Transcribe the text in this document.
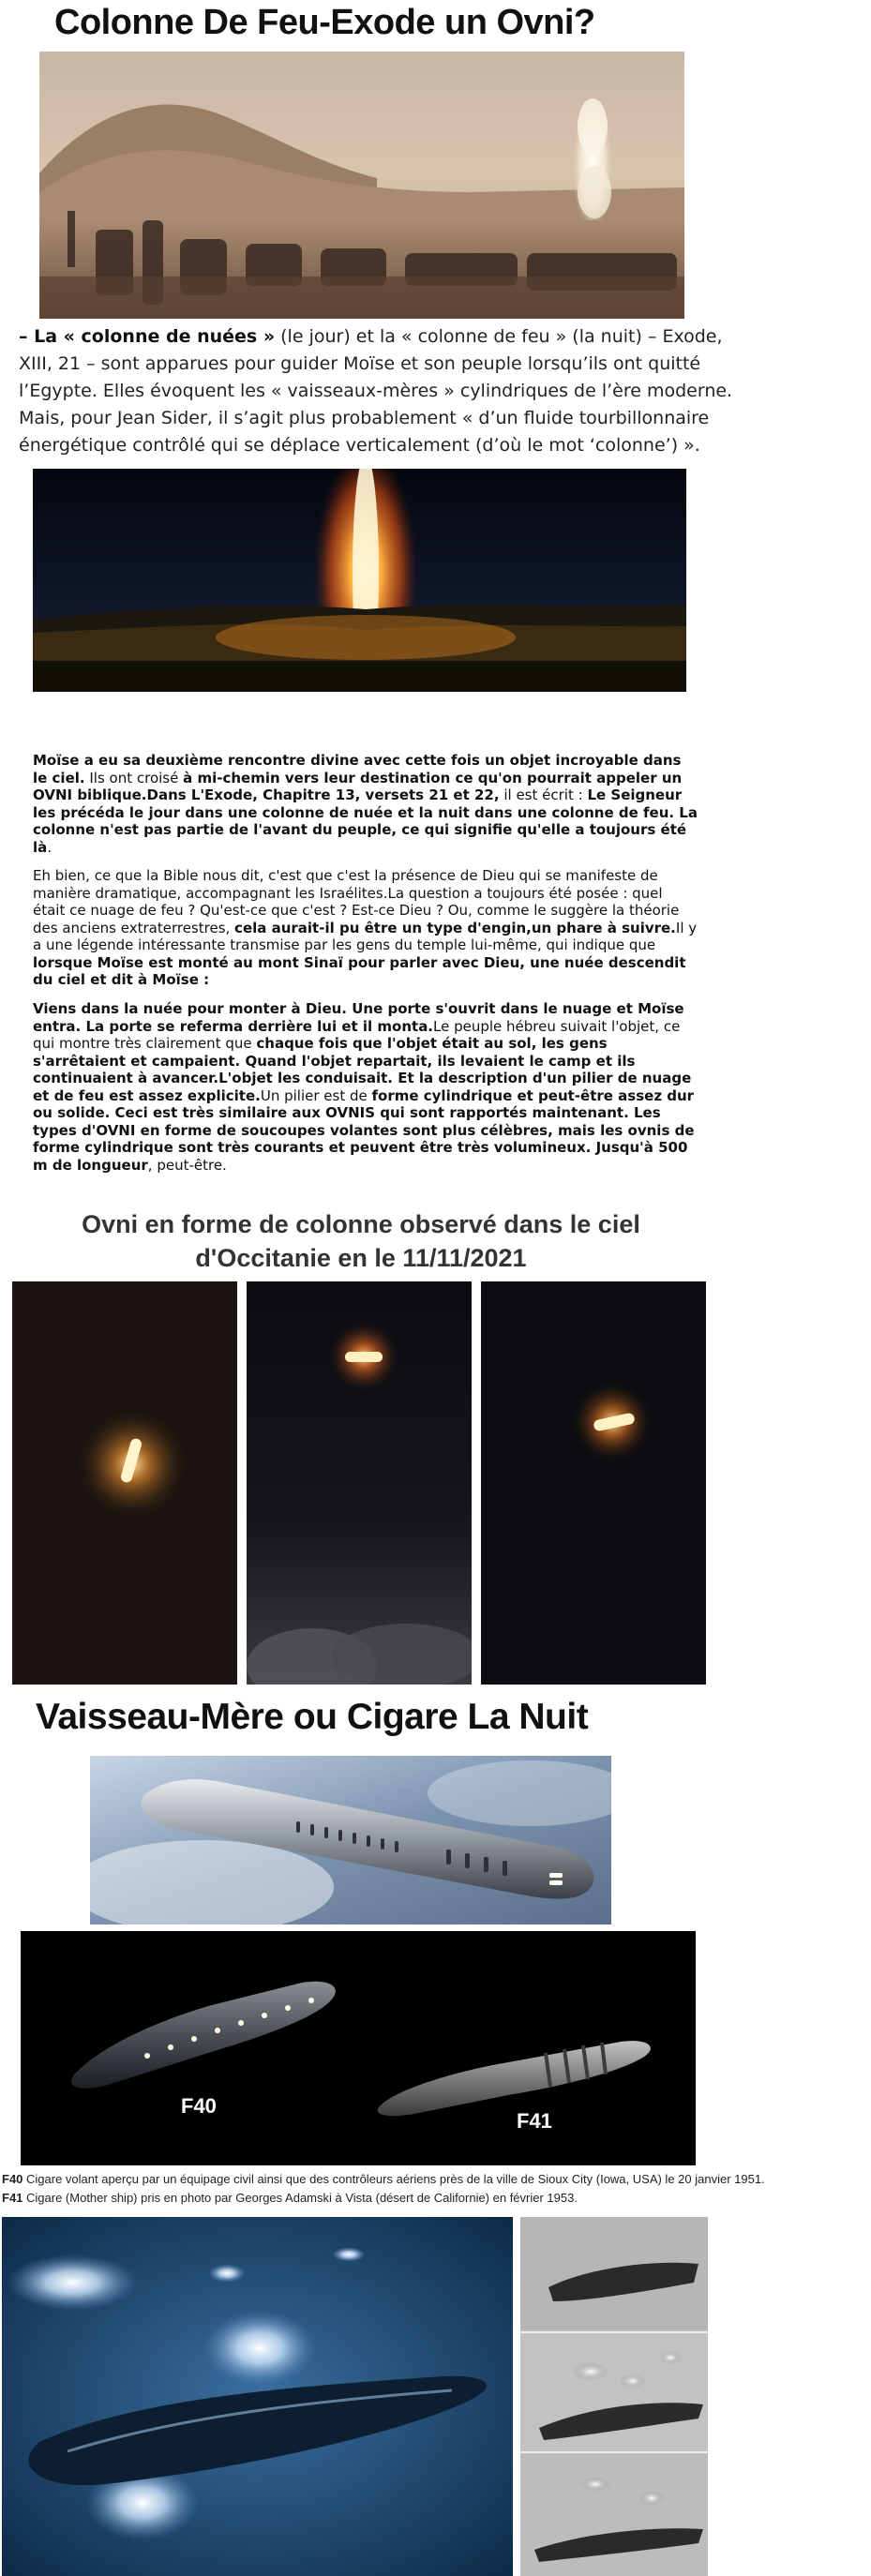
Colonne De Feu-Exode un Ovni?
– La « colonne de nuées » (le jour) et la « colonne de feu » (la nuit) – Exode, XIII, 21 – sont apparues pour guider Moïse et son peuple lorsqu’ils ont quitté l’Egypte. Elles évoquent les « vaisseaux-mères » cylindriques de l’ère moderne. Mais, pour Jean Sider, il s’agit plus probablement « d’un fluide tourbillonnaire énergétique contrôlé qui se déplace verticalement (d’où le mot ‘colonne’) ».
Moïse a eu sa deuxième rencontre divine avec cette fois un objet incroyable dans le ciel. Ils ont croisé à mi-chemin vers leur destination ce qu'on pourrait appeler un OVNI biblique.Dans L'Exode, Chapitre 13, versets 21 et 22, il est écrit : Le Seigneur les précéda le jour dans une colonne de nuée et la nuit dans une colonne de feu. La colonne n'est pas partie de l'avant du peuple, ce qui signifie qu'elle a toujours été là.
Eh bien, ce que la Bible nous dit, c'est que c'est la présence de Dieu qui se manifeste de manière dramatique, accompagnant les Israélites.La question a toujours été posée : quel était ce nuage de feu ? Qu'est-ce que c'est ? Est-ce Dieu ? Ou, comme le suggère la théorie des anciens extraterrestres, cela aurait-il pu être un type d'engin,un phare à suivre.Il y a une légende intéressante transmise par les gens du temple lui-même, qui indique que lorsque Moïse est monté au mont Sinaï pour parler avec Dieu, une nuée descendit du ciel et dit à Moïse :
Viens dans la nuée pour monter à Dieu. Une porte s'ouvrit dans le nuage et Moïse entra. La porte se referma derrière lui et il monta.Le peuple hébreu suivait l'objet, ce qui montre très clairement que chaque fois que l'objet était au sol, les gens s'arrêtaient et campaient. Quand l'objet repartait, ils levaient le camp et ils continuaient à avancer.L'objet les conduisait. Et la description d'un pilier de nuage et de feu est assez explicite.Un pilier est de forme cylindrique et peut-être assez dur ou solide. Ceci est très similaire aux OVNIS qui sont rapportés maintenant. Les types d'OVNI en forme de soucoupes volantes sont plus célèbres, mais les ovnis de forme cylindrique sont très courants et peuvent être très volumineux. Jusqu'à 500 m de longueur, peut-être.
Ovni en forme de colonne observé dans le ciel
d'Occitanie en le 11/11/2021
Vaisseau-Mère ou Cigare La Nuit
F40
F41
F40 Cigare volant aperçu par un équipage civil ainsi que des contrôleurs aériens près de la ville de Sioux City (Iowa, USA) le 20 janvier 1951.
F41 Cigare (Mother ship) pris en photo par Georges Adamski à Vista (désert de Californie) en février 1953.
